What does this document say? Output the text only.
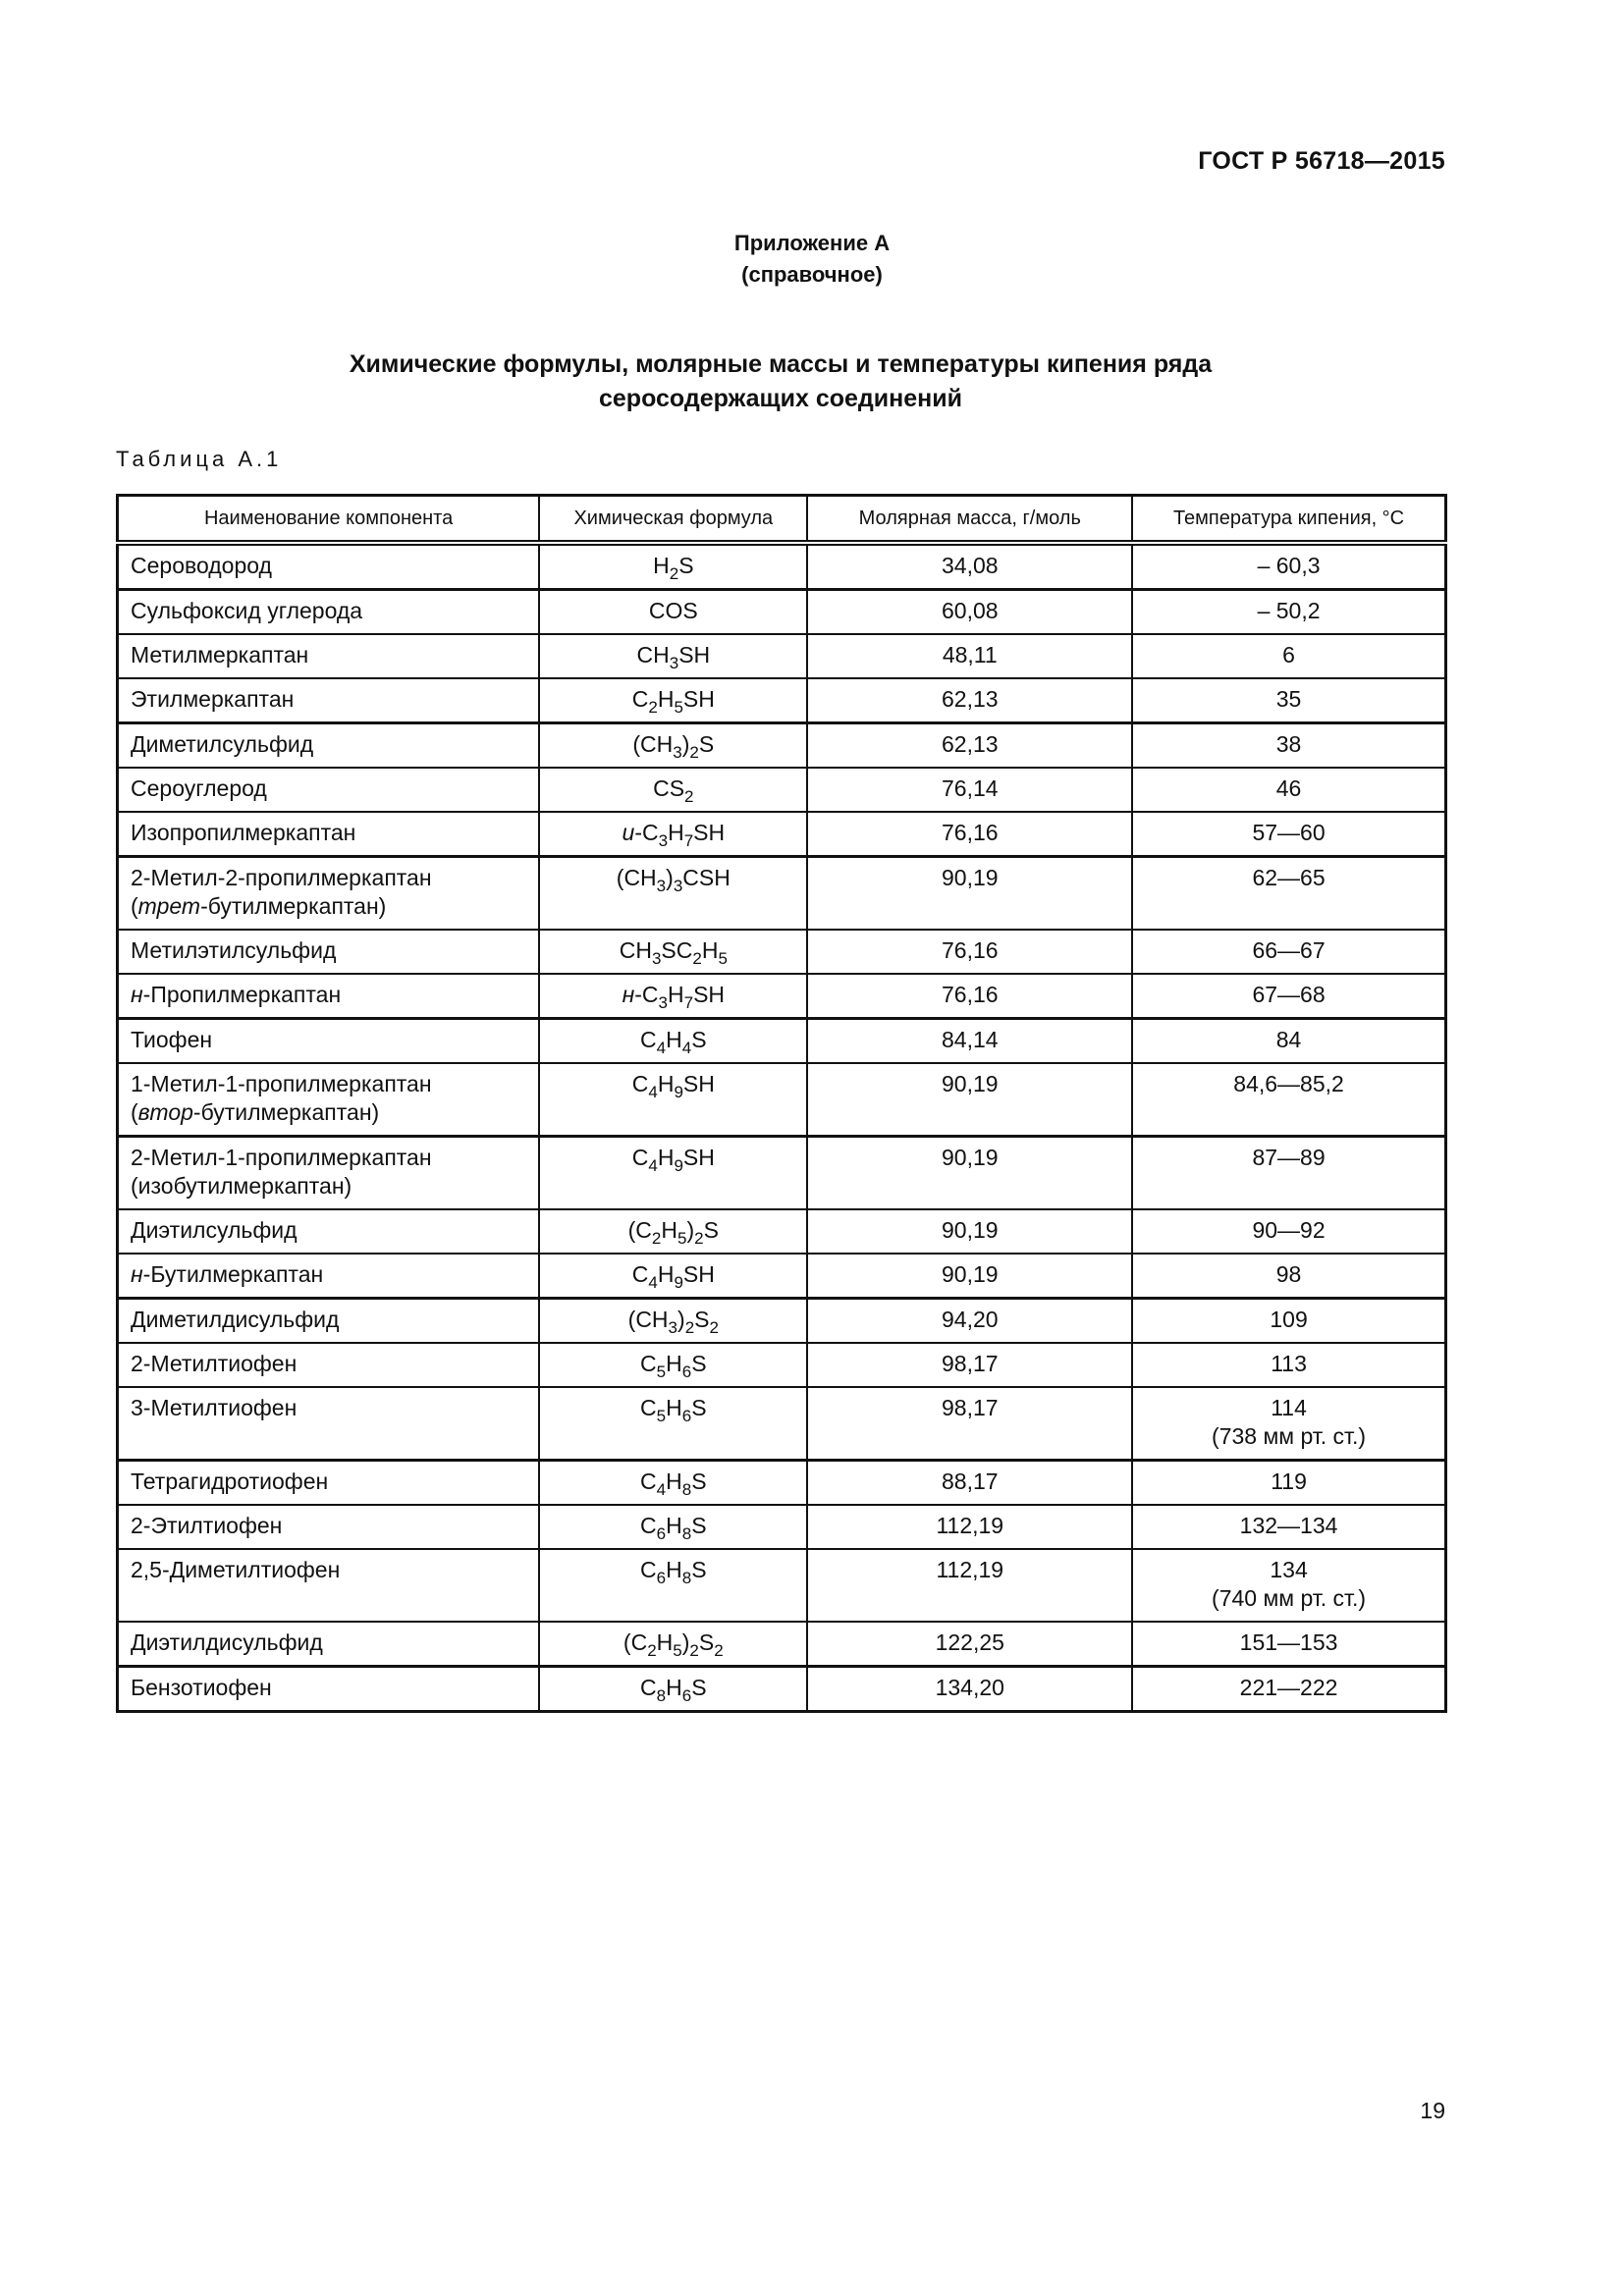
ГОСТ Р 56718—2015
Приложение А
(справочное)
Химические формулы, молярные массы и температуры кипения ряда
серосодержащих соединений
Таблица А.1
Наименование компонента	Химическая формула	Молярная масса, г/моль	Температура кипения, °C
Сероводород	$H_2S$	34,08	– 60,3
Сульфоксид углерода	COS	60,08	– 50,2
Метилмеркаптан	$CH_3SH$	48,11	6
Этилмеркаптан	$C_2H_5SH$	62,13	35
Диметилсульфид	$(CH_3)_2S$	62,13	38
Сероуглерод	$CS_2$	76,14	46
Изопропилмеркаптан	$и-C_3H_7SH$	76,16	57—60
2-Метил-2-пропилмеркаптан
(трет-бутилмеркаптан)	$(CH_3)_3CSH$	90,19	62—65
Метилэтилсульфид	$CH_3SC_2H_5$	76,16	66—67
н-Пропилмеркаптан	$н-C_3H_7SH$	76,16	67—68
Тиофен	$C_4H_4S$	84,14	84
1-Метил-1-пропилмеркаптан
(втор-бутилмеркаптан)	$C_4H_9SH$	90,19	84,6—85,2
2-Метил-1-пропилмеркаптан
(изобутилмеркаптан)	$C_4H_9SH$	90,19	87—89
Диэтилсульфид	$(C_2H_5)_2S$	90,19	90—92
н-Бутилмеркаптан	$C_4H_9SH$	90,19	98
Диметилдисульфид	$(CH_3)_2S_2$	94,20	109
2-Метилтиофен	$C_5H_6S$	98,17	113
3-Метилтиофен	$C_5H_6S$	98,17	114
(738 мм рт. ст.)
Тетрагидротиофен	$C_4H_8S$	88,17	119
2-Этилтиофен	$C_6H_8S$	112,19	132—134
2,5-Диметилтиофен	$C_6H_8S$	112,19	134
(740 мм рт. ст.)
Диэтилдисульфид	$(C_2H_5)_2S_2$	122,25	151—153
Бензотиофен	$C_8H_6S$	134,20	221—222
19
